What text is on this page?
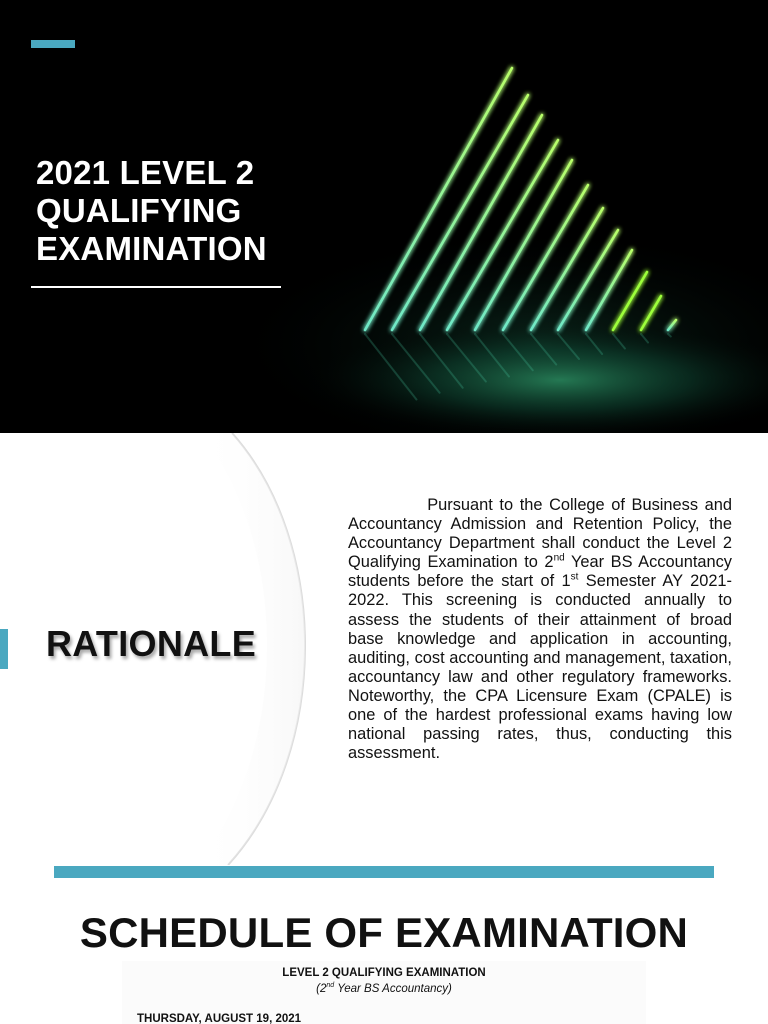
2021 LEVEL 2
QUALIFYING
EXAMINATION
RATIONALE

Pursuant to the College of Business and Accountancy Admission and Retention Policy, the Accountancy Department shall conduct the Level 2 Qualifying Examination to 2nd Year BS Accountancy students before the start of 1st Semester AY 2021-2022. This screening is conducted annually to assess the students of their attainment of broad base knowledge and application in accounting, auditing, cost accounting and management, taxation, accountancy law and other regulatory frameworks. Noteworthy, the CPA Licensure Exam (CPALE) is one of the hardest professional exams having low national passing rates, thus, conducting this assessment.

SCHEDULE OF EXAMINATION

LEVEL 2 QUALIFYING EXAMINATION

(2nd Year BS Accountancy)

THURSDAY, AUGUST 19, 2021
